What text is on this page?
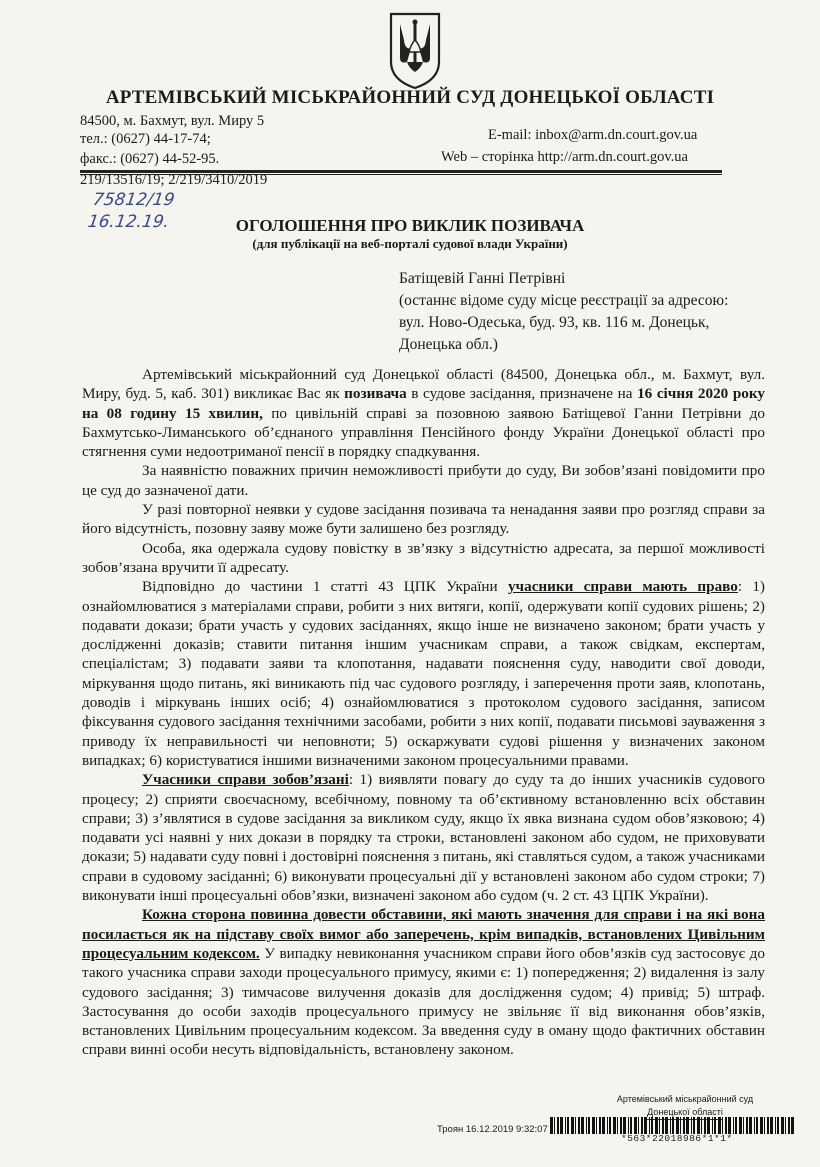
АРТЕМІВСЬКИЙ МІСЬКРАЙОННИЙ СУД ДОНЕЦЬКОЇ ОБЛАСТІ
84500, м. Бахмут, вул. Миру 5
тел.: (0627) 44-17-74;	E-mail: inbox@arm.dn.court.gov.ua
факс.: (0627) 44-52-95.	Web – сторінка http://arm.dn.court.gov.ua
219/13516/19; 2/219/3410/2019
75812/19
16.12.19.	ОГОЛОШЕННЯ ПРО ВИКЛИК ПОЗИВАЧА
(для публікації на веб-порталі судової влади України)
Батіщевій Ганні Петрівні
(останнє відоме суду місце реєстрації за адресою:
вул. Ново-Одеська, буд. 93, кв. 116 м. Донецьк,
Донецька обл.)

Артемівський міськрайонний суд Донецької області (84500, Донецька обл., м. Бахмут, вул. Миру, буд. 5, каб. 301) викликає Вас як позивача в судове засідання, призначене на 16 січня 2020 року на 08 годину 15 хвилин, по цивільній справі за позовною заявою Батіщевої Ганни Петрівни до Бахмутсько-Лиманського об’єднаного управління Пенсійного фонду України Донецької області про стягнення суми недоотриманої пенсії в порядку спадкування.

За наявністю поважних причин неможливості прибути до суду, Ви зобов’язані повідомити про це суд до зазначеної дати.

У разі повторної неявки у судове засідання позивача та ненадання заяви про розгляд справи за його відсутність, позовну заяву може бути залишено без розгляду.

Особа, яка одержала судову повістку в зв’язку з відсутністю адресата, за першої можливості зобов’язана вручити її адресату.

Відповідно до частини 1 статті 43 ЦПК України учасники справи мають право: 1) ознайомлюватися з матеріалами справи, робити з них витяги, копії, одержувати копії судових рішень; 2) подавати докази; брати участь у судових засіданнях, якщо інше не визначено законом; брати участь у дослідженні доказів; ставити питання іншим учасникам справи, а також свідкам, експертам, спеціалістам; 3) подавати заяви та клопотання, надавати пояснення суду, наводити свої доводи, міркування щодо питань, які виникають під час судового розгляду, і заперечення проти заяв, клопотань, доводів і міркувань інших осіб; 4) ознайомлюватися з протоколом судового засідання, записом фіксування судового засідання технічними засобами, робити з них копії, подавати письмові зауваження з приводу їх неправильності чи неповноти; 5) оскаржувати судові рішення у визначених законом випадках; 6) користуватися іншими визначеними законом процесуальними правами.

Учасники справи зобов’язані: 1) виявляти повагу до суду та до інших учасників судового процесу; 2) сприяти своєчасному, всебічному, повному та об’єктивному встановленню всіх обставин справи; 3) з’являтися в судове засідання за викликом суду, якщо їх явка визнана судом обов’язковою; 4) подавати усі наявні у них докази в порядку та строки, встановлені законом або судом, не приховувати докази; 5) надавати суду повні і достовірні пояснення з питань, які ставляться судом, а також учасниками справи в судовому засіданні; 6) виконувати процесуальні дії у встановлені законом або судом строки; 7) виконувати інші процесуальні обов’язки, визначені законом або судом (ч. 2 ст. 43 ЦПК України).

Кожна сторона повинна довести обставини, які мають значення для справи і на які вона посилається як на підставу своїх вимог або заперечень, крім випадків, встановлених Цивільним процесуальним кодексом. У випадку невиконання учасником справи його обов’язків суд застосовує до такого учасника справи заходи процесуального примусу, якими є: 1) попередження; 2) видалення із залу судового засідання; 3) тимчасове вилучення доказів для дослідження судом; 4) привід; 5) штраф. Застосування до особи заходів процесуального примусу не звільняє її від виконання обов’язків, встановлених Цивільним процесуальним кодексом. За введення суду в оману щодо фактичних обставин справи винні особи несуть відповідальність, встановлену законом.

Артемівський міськрайонний суд
Донецької області
Троян 16.12.2019 9:32:07
*563*22018986*1*1*
